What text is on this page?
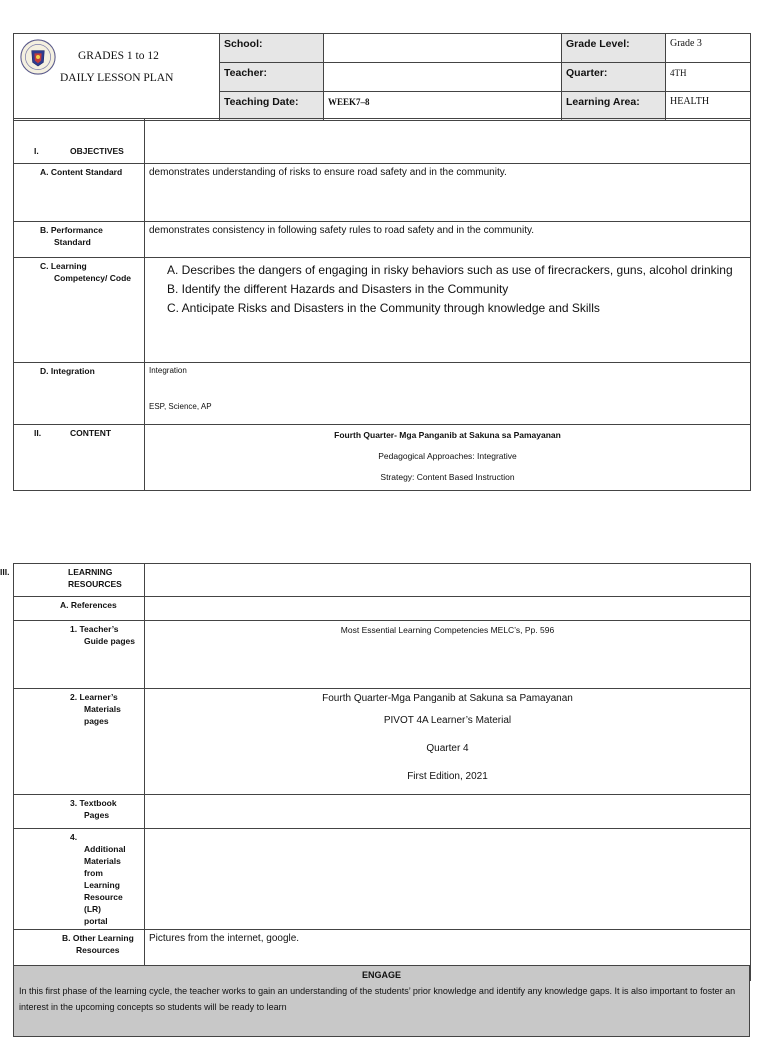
GRADES 1 to 12
DAILY LESSON PLAN	School:		Grade Level:	Grade 3
	Teacher:		Quarter:	4TH
	Teaching Date:	WEEK7–8	Learning Area:	HEALTH
I. OBJECTIVES	

A. Content Standard	demonstrates understanding of risks to ensure road safety and in the community.

B. Performance Standard	demonstrates consistency in following safety rules to road safety and in the community.

C. Learning Competency/ Code	A. Describes the dangers of engaging in risky behaviors such as use of firecrackers, guns, alcohol drinking
B. Identify the different Hazards and Disasters in the Community
C. Anticipate Risks and Disasters in the Community through knowledge and Skills

D. Integration	Integration
ESP, Science, AP

II. CONTENT	Fourth Quarter- Mga Panganib at Sakuna sa Pamayanan
Pedagogical Approaches: Integrative
Strategy: Content Based Instruction
III. LEARNING RESOURCES	

A. References	

1. Teacher’s Guide pages	Most Essential Learning Competencies MELC’s, Pp. 596

2. Learner’s Materials pages	Fourth Quarter-Mga Panganib at Sakuna sa Pamayanan
PIVOT 4A Learner’s Material
Quarter 4
First Edition, 2021

3. Textbook Pages	

4. Additional Materials from Learning Resource (LR) portal	

B. Other Learning Resources	Pictures from the internet, google.
ENGAGE
In this first phase of the learning cycle, the teacher works to gain an understanding of the students’ prior knowledge and identify any knowledge gaps. It is also important to foster an interest in the upcoming concepts so students will be ready to learn
